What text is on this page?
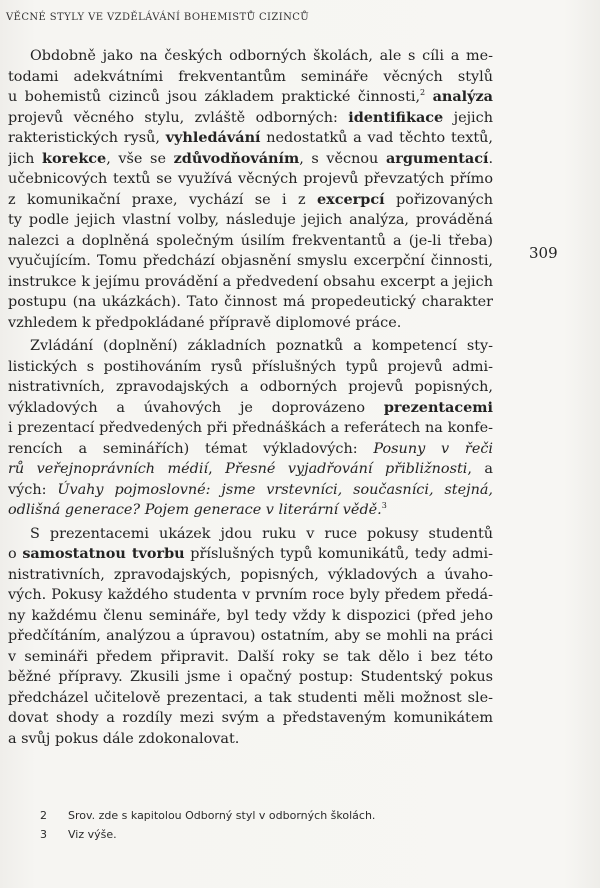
VĚCNÉ STYLY VE VZDĚLÁVÁNÍ BOHEMISTŮ CIZINCŮ
309
Obdobně jako na českých odborných školách, ale s cíli a me-
todami adekvátními frekventantům semináře věcných stylů
u bohemistů cizinců jsou základem praktické činnosti,$^2$ analýza
projevů věcného stylu, zvláště odborných: identifikace jejich
rakteristických rysů, vyhledávání nedostatků a vad těchto textů,
jich korekce, vše se zdůvodňováním, s věcnou argumentací.
učebnicových textů se využívá věcných projevů převzatých přímo
z komunikační praxe, vychází se i z excerpcí pořizovaných
ty podle jejich vlastní volby, následuje jejich analýza, prováděná
nalezci a doplněná společným úsilím frekventantů a (je-li třeba)
vyučujícím. Tomu předchází objasnění smyslu excerpční činnosti,
instrukce k jejímu provádění a předvedení obsahu excerpt a jejich
postupu (na ukázkách). Tato činnost má propedeutický charakter
vzhledem k předpokládané přípravě diplomové práce.
Zvládání (doplnění) základních poznatků a kompetencí sty-
listických s postihováním rysů příslušných typů projevů admi-
nistrativních, zpravodajských a odborných projevů popisných,
výkladových a úvahových je doprovázeno prezentacemi
i prezentací předvedených při přednáškách a referátech na konfe-
rencích a seminářích) témat výkladových: Posuny v řeči
rů veřejnoprávních médií, Přesné vyjadřování přibližnosti, a
vých: Úvahy pojmoslovné: jsme vrstevníci, současníci, stejná,
odlišná generace? Pojem generace v literární vědě.$^3$
S prezentacemi ukázek jdou ruku v ruce pokusy studentů
o samostatnou tvorbu příslušných typů komunikátů, tedy admi-
nistrativních, zpravodajských, popisných, výkladových a úvaho-
vých. Pokusy každého studenta v prvním roce byly předem předá-
ny každému členu semináře, byl tedy vždy k dispozici (před jeho
předčítáním, analýzou a úpravou) ostatním, aby se mohli na práci
v semináři předem připravit. Další roky se tak dělo i bez této
běžné přípravy. Zkusili jsme i opačný postup: Studentský pokus
předcházel učitelově prezentaci, a tak studenti měli možnost sle-
dovat shody a rozdíly mezi svým a představeným komunikátem
a svůj pokus dále zdokonalovat.
2 Srov. zde s kapitolou Odborný styl v odborných školách.
3 Viz výše.
